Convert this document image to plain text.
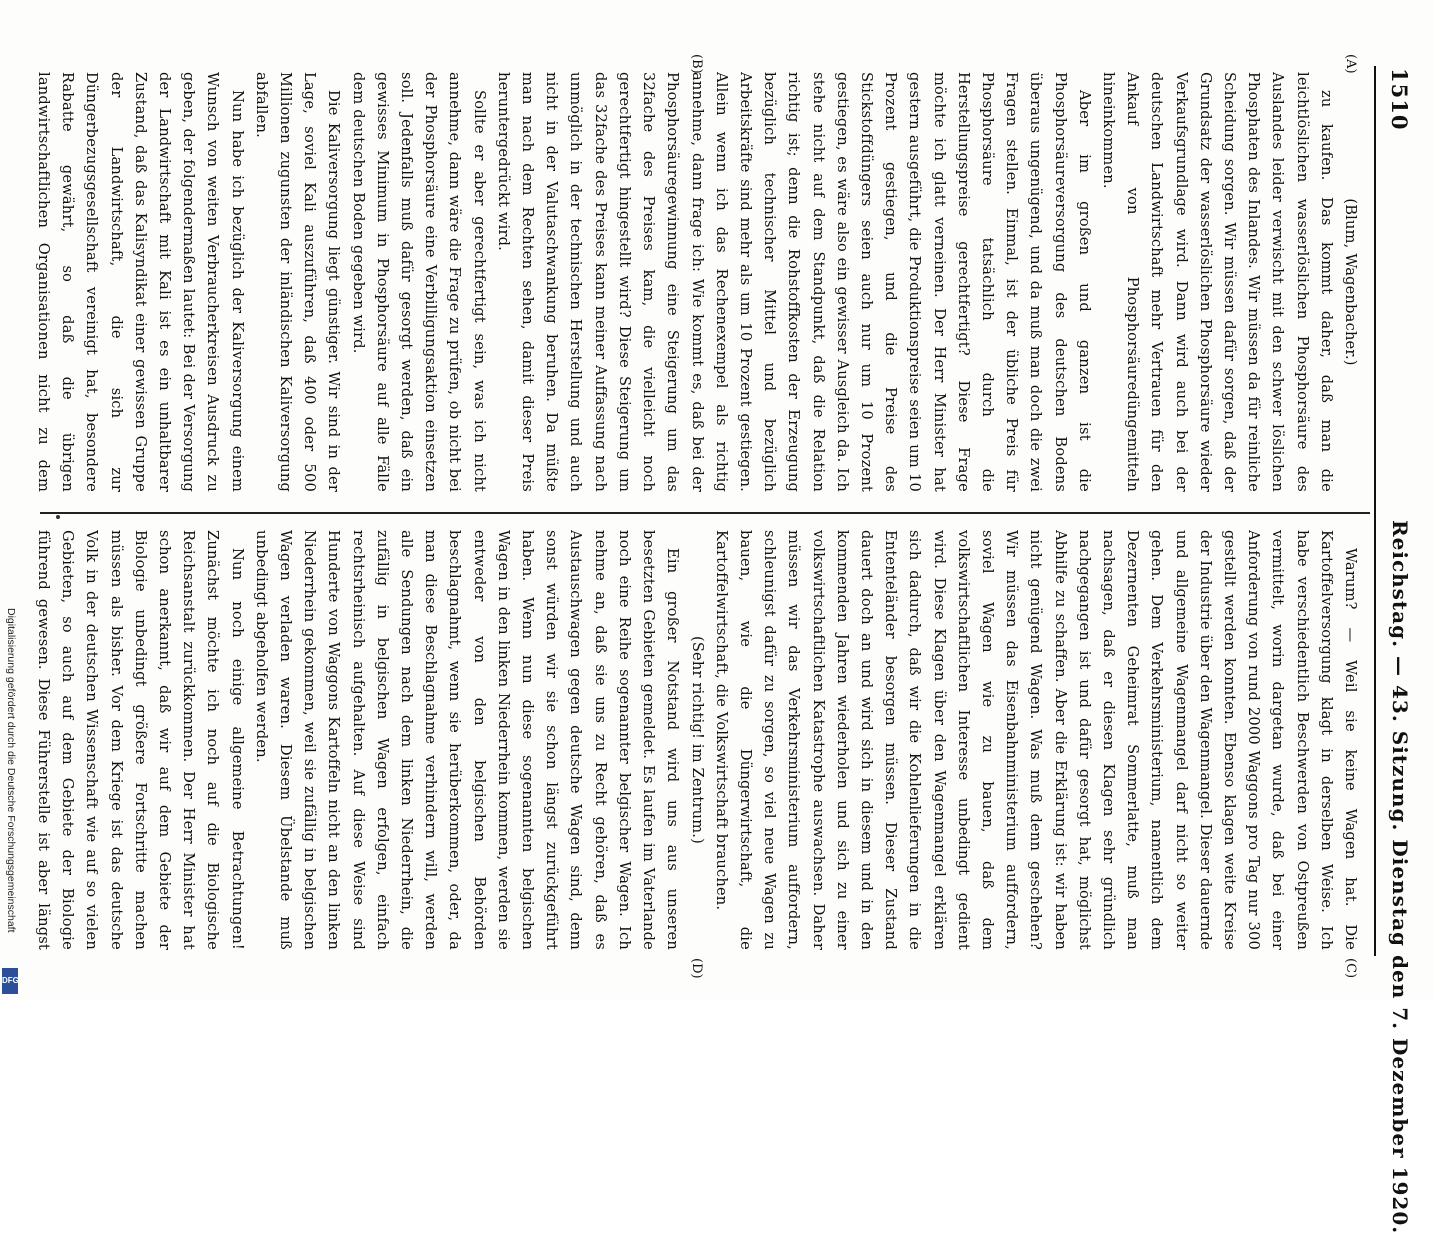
1510
Reichstag. — 43. Sitzung. Dienstag den 7. Dezember 1920.
(A)
(B)
(C)
(D)

(Blum, Wagenbacher.)

zu kaufen. Das kommt daher, daß man die leichtlöslichen wasserlöslichen Phosphorsäure des Auslandes leider verwischt mit den schwer löslichen Phosphaten des Inlandes. Wir müssen da für reinliche Scheidung sorgen. Wir müssen dafür sorgen, daß der Grundsatz der wasserlöslichen Phosphorsäure wieder Verkaufsgrundlage wird. Dann wird auch bei der deutschen Landwirtschaft mehr Vertrauen für den Ankauf von Phosphorsäuredüngemitteln hineinkommen.

Aber im großen und ganzen ist die Phosphorsäureversorgung des deutschen Bodens überaus ungenügend, und da muß man doch die zwei Fragen stellen. Einmal, ist der übliche Preis für Phosphorsäure tatsächlich durch die Herstellungspreise gerechtfertigt? Diese Frage möchte ich glatt verneinen. Der Herr Minister hat gestern ausgeführt, die Produktionspreise seien um 10 Prozent gestiegen, und die Preise des Stickstoffdüngers seien auch nur um 10 Prozent gestiegen, es wäre also ein gewisser Ausgleich da. Ich stehe nicht auf dem Standpunkt, daß die Relation richtig ist; denn die Rohstoffkosten der Erzeugung bezüglich technischer Mittel und bezüglich Arbeitskräfte sind mehr als um 10 Prozent gestiegen. Allein wenn ich das Rechenexempel als richtig annehme, dann frage ich: Wie kommt es, daß bei der Phosphorsäuregewinnung eine Steigerung um das 32fache des Preises kam, die vielleicht noch gerechtfertigt hingestellt wird? Diese Steigerung um das 32fache des Preises kann meiner Auffassung nach unmöglich in der technischen Herstellung und auch nicht in der Valutaschwankung beruhen. Da müßte man nach dem Rechten sehen, damit dieser Preis heruntergedrückt wird.

Sollte er aber gerechtfertigt sein, was ich nicht annehme, dann wäre die Frage zu prüfen, ob nicht bei der Phosphorsäure eine Verbilligungsaktion einsetzen soll. Jedenfalls muß dafür gesorgt werden, daß ein gewisses Minimum in Phosphorsäure auf alle Fälle dem deutschen Boden gegeben wird.

Die Kaliversorgung liegt günstiger. Wir sind in der Lage, soviel Kali auszuführen, daß 400 oder 500 Millionen zugunsten der inländischen Kaliversorgung abfallen.

Nun habe ich bezüglich der Kaliversorgung einem Wunsch von weiten Verbraucherkreisen Ausdruck zu geben, der folgendermaßen lautet: Bei der Versorgung der Landwirtschaft mit Kali ist es ein unhaltbarer Zustand, daß das Kalisyndikat einer gewissen Gruppe der Landwirtschaft, die sich zur Düngerbezugsgesellschaft vereinigt hat, besondere Rabatte gewährt, so daß die übrigen landwirtschaftlichen Organisationen nicht zu dem

Warum? — Weil sie keine Wagen hat. Die Kartoffelversorgung klagt in derselben Weise. Ich habe verschiedentlich Beschwerden von Ostpreußen vermittelt, worin dargetan wurde, daß bei einer Anforderung von rund 2000 Waggons pro Tag nur 300 gestellt werden konnten. Ebenso klagen weite Kreise der Industrie über den Wagenmangel. Dieser dauernde und allgemeine Wagenmangel darf nicht so weiter gehen. Dem Verkehrsministerium, namentlich dem Dezernenten Geheimrat Sommerlatte, muß man nachsagen, daß er diesen Klagen sehr gründlich nachgegangen ist und dafür gesorgt hat, möglichst Abhilfe zu schaffen. Aber die Erklärung ist: wir haben nicht genügend Wagen. Was muß denn geschehen? Wir müssen das Eisenbahnministerium auffordern, soviel Wagen wie zu bauen, daß dem volkswirtschaftlichen Interesse unbedingt gedient wird. Diese Klagen über den Wagenmangel erklären sich dadurch, daß wir die Kohlenlieferungen in die Ententeländer besorgen müssen. Dieser Zustand dauert doch an und wird sich in diesem und in den kommenden Jahren wiederholen und sich zu einer volkswirtschaftlichen Katastrophe auswachsen. Daher müssen wir das Verkehrsministerium auffordern, schleunigst dafür zu sorgen, so viel neue Wagen zu bauen, wie die Düngerwirtschaft, die Kartoffelwirtschaft, die Volkswirtschaft brauchen.

(Sehr richtig! im Zentrum.)

Ein großer Notstand wird uns aus unseren besetzten Gebieten gemeldet. Es laufen im Vaterlande noch eine Reihe sogenannter belgischer Wagen. Ich nehme an, daß sie uns zu Recht gehören, daß es Austauschwagen gegen deutsche Wagen sind, denn sonst würden wir sie schon längst zurückgeführt haben. Wenn nun diese sogenannten belgischen Wagen in den linken Niederrhein kommen, werden sie entweder von den belgischen Behörden beschlagnahmt, wenn sie herüberkommen, oder, da man diese Beschlagnahme verhindern will, werden alle Sendungen nach dem linken Niederrhein, die zufällig in belgischen Wagen erfolgen, einfach rechtsrheinisch aufgehalten. Auf diese Weise sind Hunderte von Waggons Kartoffeln nicht an den linken Niederrhein gekommen, weil sie zufällig in belgischen Wagen verladen waren. Diesem Übelstande muß unbedingt abgeholfen werden.

Nun noch einige allgemeine Betrachtungen! Zunächst möchte ich noch auf die Biologische Reichsanstalt zurückkommen. Der Herr Minister hat schon anerkannt, daß wir auf dem Gebiete der Biologie unbedingt größere Fortschritte machen müssen als bisher. Vor dem Kriege ist das deutsche Volk in der deutschen Wissenschaft wie auf so vielen Gebieten, so auch auf dem Gebiete der Biologie führend gewesen. Diese Führerstelle ist aber längst

Digitalisierung gefördert durch die Deutsche Forschungsgemeinschaft
DFG
